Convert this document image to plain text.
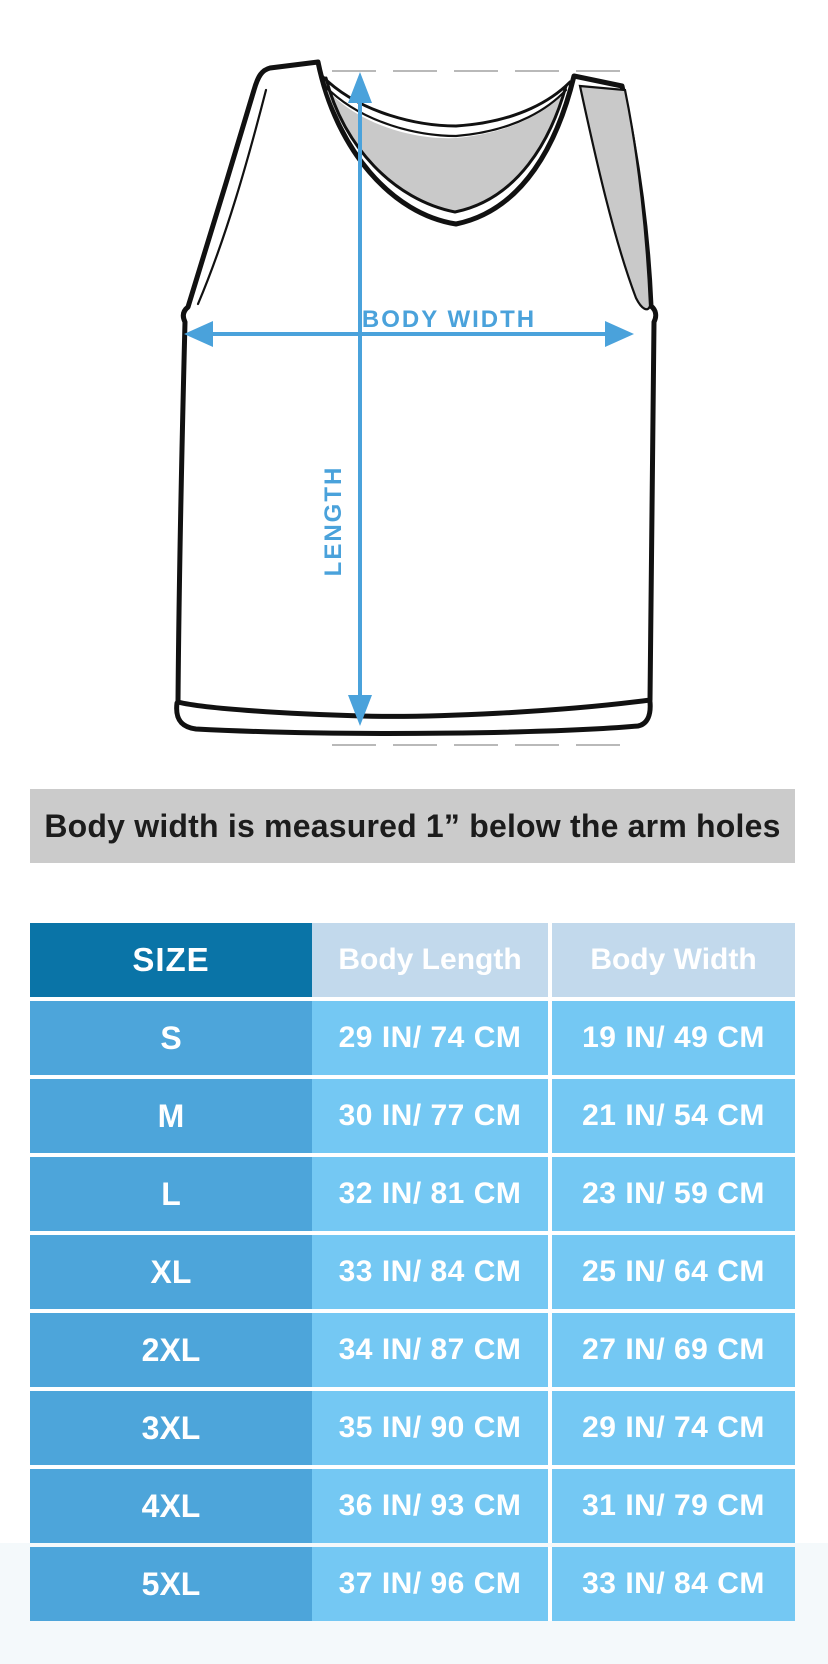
BODY WIDTH
LENGTH
Body width is measured 1” below the arm holes
SIZE	Body Length	Body Width
S	29 IN/ 74 CM	19 IN/ 49 CM
M	30 IN/ 77 CM	21 IN/ 54 CM
L	32 IN/ 81 CM	23 IN/ 59 CM
XL	33 IN/ 84 CM	25 IN/ 64 CM
2XL	34 IN/ 87 CM	27 IN/ 69 CM
3XL	35 IN/ 90 CM	29 IN/ 74 CM
4XL	36 IN/ 93 CM	31 IN/ 79 CM
5XL	37 IN/ 96 CM	33 IN/ 84 CM
